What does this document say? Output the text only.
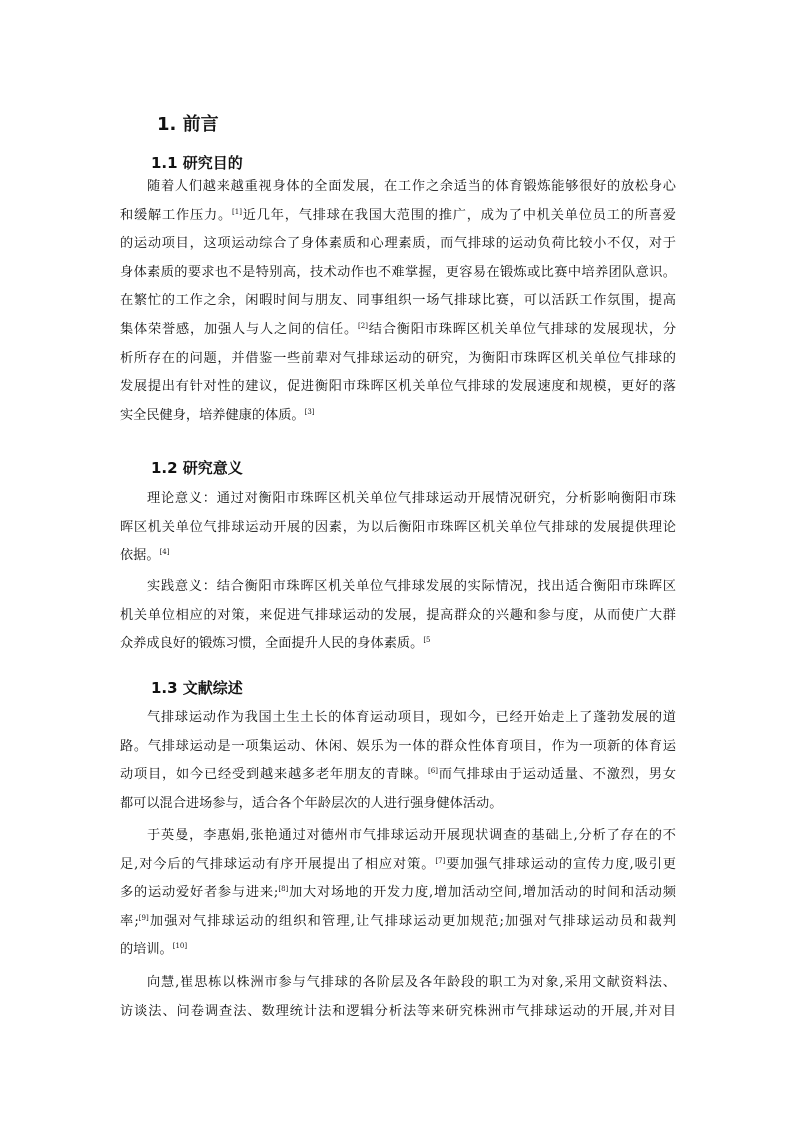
1. 前言
1.1 研究目的
随着人们越来越重视身体的全面发展，在工作之余适当的体育锻炼能够很好的放松身心
和缓解工作压力。[1]近几年，气排球在我国大范围的推广，成为了中机关单位员工的所喜爱
的运动项目，这项运动综合了身体素质和心理素质，而气排球的运动负荷比较小不仅，对于
身体素质的要求也不是特别高，技术动作也不难掌握，更容易在锻炼或比赛中培养团队意识。
在繁忙的工作之余，闲暇时间与朋友、同事组织一场气排球比赛，可以活跃工作氛围，提高
集体荣誉感，加强人与人之间的信任。[2]结合衡阳市珠晖区机关单位气排球的发展现状，分
析所存在的问题，并借鉴一些前辈对气排球运动的研究，为衡阳市珠晖区机关单位气排球的
发展提出有针对性的建议，促进衡阳市珠晖区机关单位气排球的发展速度和规模，更好的落
实全民健身，培养健康的体质。[3]
1.2 研究意义
理论意义：通过对衡阳市珠晖区机关单位气排球运动开展情况研究，分析影响衡阳市珠
晖区机关单位气排球运动开展的因素，为以后衡阳市珠晖区机关单位气排球的发展提供理论
依据。[4]
实践意义：结合衡阳市珠晖区机关单位气排球发展的实际情况，找出适合衡阳市珠晖区
机关单位相应的对策，来促进气排球运动的发展，提高群众的兴趣和参与度，从而使广大群
众养成良好的锻炼习惯，全面提升人民的身体素质。$^{[5}$
1.3 文献综述
气排球运动作为我国土生土长的体育运动项目，现如今，已经开始走上了蓬勃发展的道
路。气排球运动是一项集运动、休闲、娱乐为一体的群众性体育项目，作为一项新的体育运
动项目，如今已经受到越来越多老年朋友的青睐。[6]而气排球由于运动适量、不激烈，男女
都可以混合进场参与，适合各个年龄层次的人进行强身健体活动。
于英曼，李惠娟,张艳通过对德州市气排球运动开展现状调查的基础上,分析了存在的不
足,对今后的气排球运动有序开展提出了相应对策。[7]要加强气排球运动的宣传力度,吸引更
多的运动爱好者参与进来;[8]加大对场地的开发力度,增加活动空间,增加活动的时间和活动频
率;[9]加强对气排球运动的组织和管理,让气排球运动更加规范;加强对气排球运动员和裁判
的培训。[10]
向慧,崔思栋以株洲市参与气排球的各阶层及各年龄段的职工为对象,采用文献资料法、
访谈法、问卷调查法、数理统计法和逻辑分析法等来研究株洲市气排球运动的开展,并对目
